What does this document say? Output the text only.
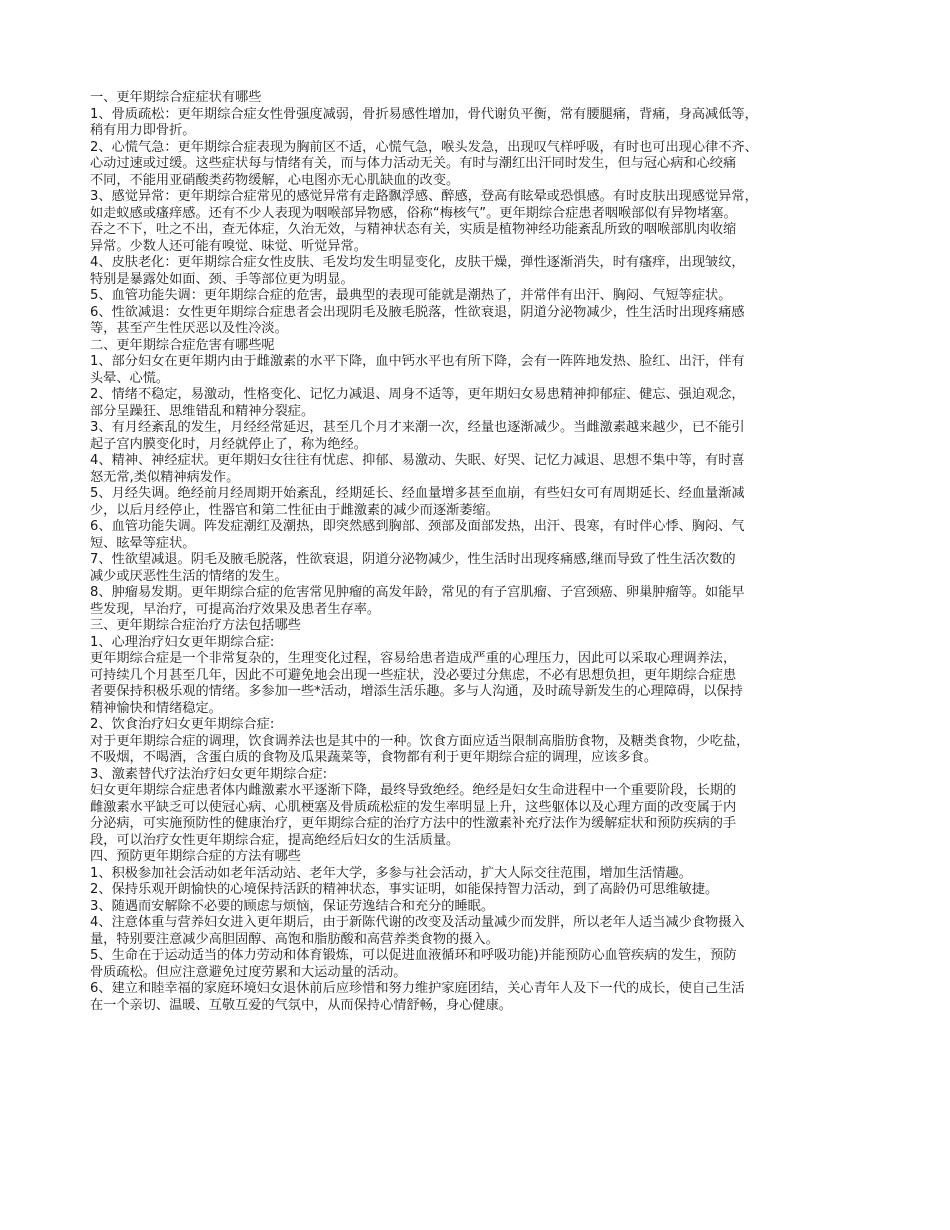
一、更年期综合症症状有哪些
1、骨质疏松：更年期综合症女性骨强度减弱，骨折易感性增加，骨代谢负平衡，常有腰腿痛，背痛，身高减低等，
稍有用力即骨折。
2、心慌气急：更年期综合症表现为胸前区不适，心慌气急，喉头发急，出现叹气样呼吸，有时也可出现心律不齐、
心动过速或过缓。这些症状每与情绪有关，而与体力活动无关。有时与潮红出汗同时发生，但与冠心病和心绞痛
不同，不能用亚硝酸类药物缓解，心电图亦无心肌缺血的改变。
3、感觉异常：更年期综合症常见的感觉异常有走路飘浮感、醉感，登高有眩晕或恐惧感。有时皮肤出现感觉异常，
如走蚁感或瘙痒感。还有不少人表现为咽喉部异物感，俗称“梅核气”。更年期综合症患者咽喉部似有异物堵塞。
吞之不下，吐之不出，查无体症，久治无效，与精神状态有关，实质是植物神经功能紊乱所致的咽喉部肌肉收缩
异常。少数人还可能有嗅觉、味觉、听觉异常。
4、皮肤老化：更年期综合症女性皮肤、毛发均发生明显变化，皮肤干燥，弹性逐渐消失，时有瘙痒，出现皱纹，
特别是暴露处如面、颈、手等部位更为明显。
5、血管功能失调：更年期综合症的危害，最典型的表现可能就是潮热了，并常伴有出汗、胸闷、气短等症状。
6、性欲减退：女性更年期综合症患者会出现阴毛及腋毛脱落，性欲衰退，阴道分泌物减少，性生活时出现疼痛感
等，甚至产生性厌恶以及性冷淡。
二、更年期综合症危害有哪些呢
1、部分妇女在更年期内由于雌激素的水平下降，血中钙水平也有所下降，会有一阵阵地发热、脸红、出汗，伴有
头晕、心慌。
2、情绪不稳定，易激动，性格变化、记忆力减退、周身不适等，更年期妇女易患精神抑郁症、健忘、强迫观念，
部分呈躁狂、思维错乱和精神分裂症。
3、有月经紊乱的发生，月经经常延迟，甚至几个月才来潮一次，经量也逐渐减少。当雌激素越来越少，已不能引
起子宫内膜变化时，月经就停止了，称为绝经。
4、精神、神经症状。更年期妇女往往有忧虑、抑郁、易激动、失眠、好哭、记忆力减退、思想不集中等，有时喜
怒无常,类似精神病发作。
5、月经失调。绝经前月经周期开始紊乱，经期延长、经血量增多甚至血崩，有些妇女可有周期延长、经血量渐减
少，以后月经停止，性器官和第二性征由于雌激素的减少而逐渐萎缩。
6、血管功能失调。阵发症潮红及潮热，即突然感到胸部、颈部及面部发热，出汗、畏寒，有时伴心悸、胸闷、气
短、眩晕等症状。
7、性欲望减退。阴毛及腋毛脱落，性欲衰退，阴道分泌物减少，性生活时出现疼痛感,继而导致了性生活次数的
减少或厌恶性生活的情绪的发生。
8、肿瘤易发期。更年期综合症的危害常见肿瘤的高发年龄，常见的有子宫肌瘤、子宫颈癌、卵巢肿瘤等。如能早
些发现，早治疗，可提高治疗效果及患者生存率。
三、更年期综合症治疗方法包括哪些
1、心理治疗妇女更年期综合症:
更年期综合症是一个非常复杂的，生理变化过程，容易给患者造成严重的心理压力，因此可以采取心理调养法，
可持续几个月甚至几年，因此不可避免地会出现一些症状，没必要过分焦虑，不必有思想负担，更年期综合症患
者要保持积极乐观的情绪。多参加一些*活动，增添生活乐趣。多与人沟通，及时疏导新发生的心理障碍，以保持
精神愉快和情绪稳定。
2、饮食治疗妇女更年期综合症:
对于更年期综合症的调理，饮食调养法也是其中的一种。饮食方面应适当限制高脂肪食物，及糖类食物，少吃盐，
不吸烟，不喝酒，含蛋白质的食物及瓜果蔬菜等，食物都有利于更年期综合症的调理，应该多食。
3、激素替代疗法治疗妇女更年期综合症:
妇女更年期综合症患者体内雌激素水平逐渐下降，最终导致绝经。绝经是妇女生命进程中一个重要阶段，长期的
雌激素水平缺乏可以使冠心病、心肌梗塞及骨质疏松症的发生率明显上升，这些躯体以及心理方面的改变属于内
分泌病，可实施预防性的健康治疗，更年期综合症的治疗方法中的性激素补充疗法作为缓解症状和预防疾病的手
段，可以治疗女性更年期综合症，提高绝经后妇女的生活质量。
四、预防更年期综合症的方法有哪些
1、积极参加社会活动如老年活动站、老年大学，多参与社会活动，扩大人际交往范围，增加生活情趣。
2、保持乐观开朗愉快的心境保持活跃的精神状态，事实证明，如能保持智力活动，到了高龄仍可思维敏捷。
3、随遇而安解除不必要的顾虑与烦恼，保证劳逸结合和充分的睡眠。
4、注意体重与营养妇女进入更年期后，由于新陈代谢的改变及活动量减少而发胖，所以老年人适当减少食物摄入
量，特别要注意减少高胆固醇、高饱和脂肪酸和高营养类食物的摄入。
5、生命在于运动适当的体力劳动和体育锻炼，可以促进血液循环和呼吸功能)并能预防心血管疾病的发生，预防
骨质疏松。但应注意避免过度劳累和大运动量的活动。
6、建立和睦幸福的家庭环境妇女退休前后应珍惜和努力维护家庭团结，关心青年人及下一代的成长，使自己生活
在一个亲切、温暖、互敬互爱的气氛中，从而保持心情舒畅，身心健康。
